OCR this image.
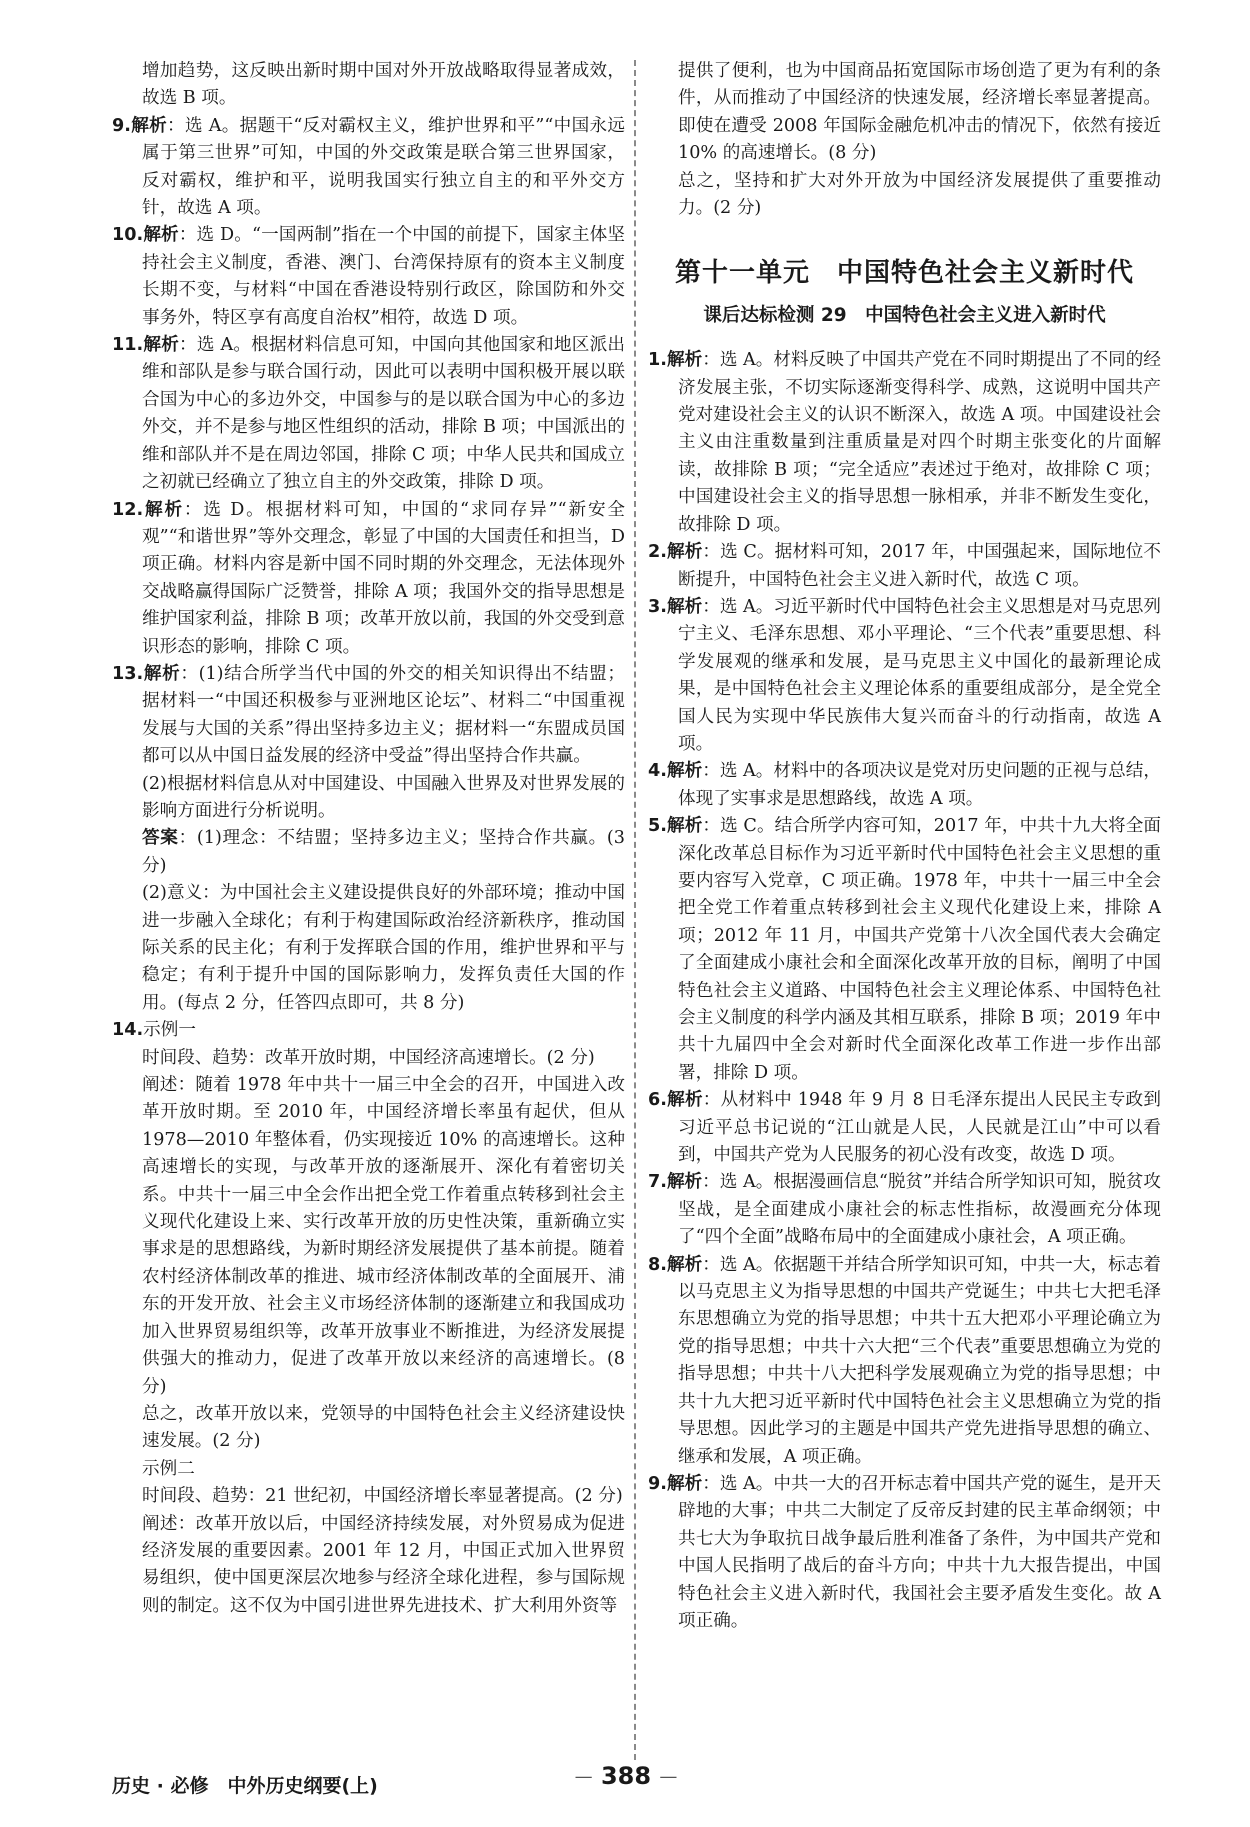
增加趋势，这反映出新时期中国对外开放战略取得显著成效，故选 B 项。

9.解析：选 A。据题干“反对霸权主义，维护世界和平”“中国永远属于第三世界”可知，中国的外交政策是联合第三世界国家，反对霸权，维护和平，说明我国实行独立自主的和平外交方针，故选 A 项。

10.解析：选 D。“一国两制”指在一个中国的前提下，国家主体坚持社会主义制度，香港、澳门、台湾保持原有的资本主义制度长期不变，与材料“中国在香港设特别行政区，除国防和外交事务外，特区享有高度自治权”相符，故选 D 项。

11.解析：选 A。根据材料信息可知，中国向其他国家和地区派出维和部队是参与联合国行动，因此可以表明中国积极开展以联合国为中心的多边外交，中国参与的是以联合国为中心的多边外交，并不是参与地区性组织的活动，排除 B 项；中国派出的维和部队并不是在周边邻国，排除 C 项；中华人民共和国成立之初就已经确立了独立自主的外交政策，排除 D 项。

12.解析：选 D。根据材料可知，中国的“求同存异”“新安全观”“和谐世界”等外交理念，彰显了中国的大国责任和担当，D 项正确。材料内容是新中国不同时期的外交理念，无法体现外交战略赢得国际广泛赞誉，排除 A 项；我国外交的指导思想是维护国家利益，排除 B 项；改革开放以前，我国的外交受到意识形态的影响，排除 C 项。

13.解析：(1)结合所学当代中国的外交的相关知识得出不结盟；据材料一“中国还积极参与亚洲地区论坛”、材料二“中国重视发展与大国的关系”得出坚持多边主义；据材料一“东盟成员国都可以从中国日益发展的经济中受益”得出坚持合作共赢。

(2)根据材料信息从对中国建设、中国融入世界及对世界发展的影响方面进行分析说明。

答案：(1)理念：不结盟；坚持多边主义；坚持合作共赢。(3 分)

(2)意义：为中国社会主义建设提供良好的外部环境；推动中国进一步融入全球化；有利于构建国际政治经济新秩序，推动国际关系的民主化；有利于发挥联合国的作用，维护世界和平与稳定；有利于提升中国的国际影响力，发挥负责任大国的作用。(每点 2 分，任答四点即可，共 8 分)

14.示例一

时间段、趋势：改革开放时期，中国经济高速增长。(2 分)

阐述：随着 1978 年中共十一届三中全会的召开，中国进入改革开放时期。至 2010 年，中国经济增长率虽有起伏，但从1978—2010 年整体看，仍实现接近 10% 的高速增长。这种高速增长的实现，与改革开放的逐渐展开、深化有着密切关系。中共十一届三中全会作出把全党工作着重点转移到社会主义现代化建设上来、实行改革开放的历史性决策，重新确立实事求是的思想路线，为新时期经济发展提供了基本前提。随着农村经济体制改革的推进、城市经济体制改革的全面展开、浦东的开发开放、社会主义市场经济体制的逐渐建立和我国成功加入世界贸易组织等，改革开放事业不断推进，为经济发展提供强大的推动力，促进了改革开放以来经济的高速增长。(8 分)

总之，改革开放以来，党领导的中国特色社会主义经济建设快速发展。(2 分)

示例二

时间段、趋势：21 世纪初，中国经济增长率显著提高。(2 分)

阐述：改革开放以后，中国经济持续发展，对外贸易成为促进经济发展的重要因素。2001 年 12 月，中国正式加入世界贸易组织，使中国更深层次地参与经济全球化进程，参与国际规则的制定。这不仅为中国引进世界先进技术、扩大利用外资等

提供了便利，也为中国商品拓宽国际市场创造了更为有利的条件，从而推动了中国经济的快速发展，经济增长率显著提高。即使在遭受 2008 年国际金融危机冲击的情况下，依然有接近 10% 的高速增长。(8 分)

总之，坚持和扩大对外开放为中国经济发展提供了重要推动力。(2 分)

第十一单元　中国特色社会主义新时代
课后达标检测 29　中国特色社会主义进入新时代

1.解析：选 A。材料反映了中国共产党在不同时期提出了不同的经济发展主张，不切实际逐渐变得科学、成熟，这说明中国共产党对建设社会主义的认识不断深入，故选 A 项。中国建设社会主义由注重数量到注重质量是对四个时期主张变化的片面解读，故排除 B 项；“完全适应”表述过于绝对，故排除 C 项；中国建设社会主义的指导思想一脉相承，并非不断发生变化，故排除 D 项。

2.解析：选 C。据材料可知，2017 年，中国强起来，国际地位不断提升，中国特色社会主义进入新时代，故选 C 项。

3.解析：选 A。习近平新时代中国特色社会主义思想是对马克思列宁主义、毛泽东思想、邓小平理论、“三个代表”重要思想、科学发展观的继承和发展，是马克思主义中国化的最新理论成果，是中国特色社会主义理论体系的重要组成部分，是全党全国人民为实现中华民族伟大复兴而奋斗的行动指南，故选 A 项。

4.解析：选 A。材料中的各项决议是党对历史问题的正视与总结，体现了实事求是思想路线，故选 A 项。

5.解析：选 C。结合所学内容可知，2017 年，中共十九大将全面深化改革总目标作为习近平新时代中国特色社会主义思想的重要内容写入党章，C 项正确。1978 年，中共十一届三中全会把全党工作着重点转移到社会主义现代化建设上来，排除 A 项；2012 年 11 月，中国共产党第十八次全国代表大会确定了全面建成小康社会和全面深化改革开放的目标，阐明了中国特色社会主义道路、中国特色社会主义理论体系、中国特色社会主义制度的科学内涵及其相互联系，排除 B 项；2019 年中共十九届四中全会对新时代全面深化改革工作进一步作出部署，排除 D 项。

6.解析：从材料中 1948 年 9 月 8 日毛泽东提出人民民主专政到习近平总书记说的“江山就是人民，人民就是江山”中可以看到，中国共产党为人民服务的初心没有改变，故选 D 项。

7.解析：选 A。根据漫画信息“脱贫”并结合所学知识可知，脱贫攻坚战，是全面建成小康社会的标志性指标，故漫画充分体现了“四个全面”战略布局中的全面建成小康社会，A 项正确。

8.解析：选 A。依据题干并结合所学知识可知，中共一大，标志着以马克思主义为指导思想的中国共产党诞生；中共七大把毛泽东思想确立为党的指导思想；中共十五大把邓小平理论确立为党的指导思想；中共十六大把“三个代表”重要思想确立为党的指导思想；中共十八大把科学发展观确立为党的指导思想；中共十九大把习近平新时代中国特色社会主义思想确立为党的指导思想。因此学习的主题是中国共产党先进指导思想的确立、继承和发展，A 项正确。

9.解析：选 A。中共一大的召开标志着中国共产党的诞生，是开天辟地的大事；中共二大制定了反帝反封建的民主革命纲领；中共七大为争取抗日战争最后胜利准备了条件，为中国共产党和中国人民指明了战后的奋斗方向；中共十九大报告提出，中国特色社会主义进入新时代，我国社会主要矛盾发生变化。故 A 项正确。

历史 · 必修　中外历史纲要(上)	— 388 —
